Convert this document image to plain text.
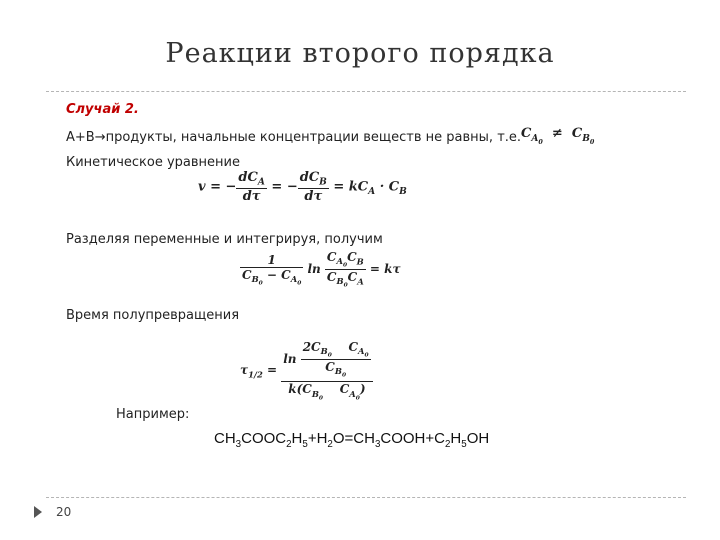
Реакции второго порядка
Случай 2.
А+В→продукты, начальные концентрации веществ не равны, т.е. $C_{A_0} \ne C_{B_0}$
Кинетическое уравнение
v = − $\frac{dC_A}{d\tau}$ = − $\frac{dC_B}{d\tau} = kC_A \cdot C_B$
Разделяя переменные и интегрируя, получим
$\frac{1}{C_{B_0} - C_{A_0}}$ $\ln \frac{C_{A_0}C_B}{C_{B_0}C_A} = k\tau$
Время полупревращения
$\tau_{1/2} = \frac{\ln \frac{2C_{B_0} C_{A_0}}{C_{B_0}}}{k(C_{B_0} C_{A_0})}$
Например:
$CH_3COOC_2H_5+H_2O=CH_3COOH+C_2H_5OH$
20
